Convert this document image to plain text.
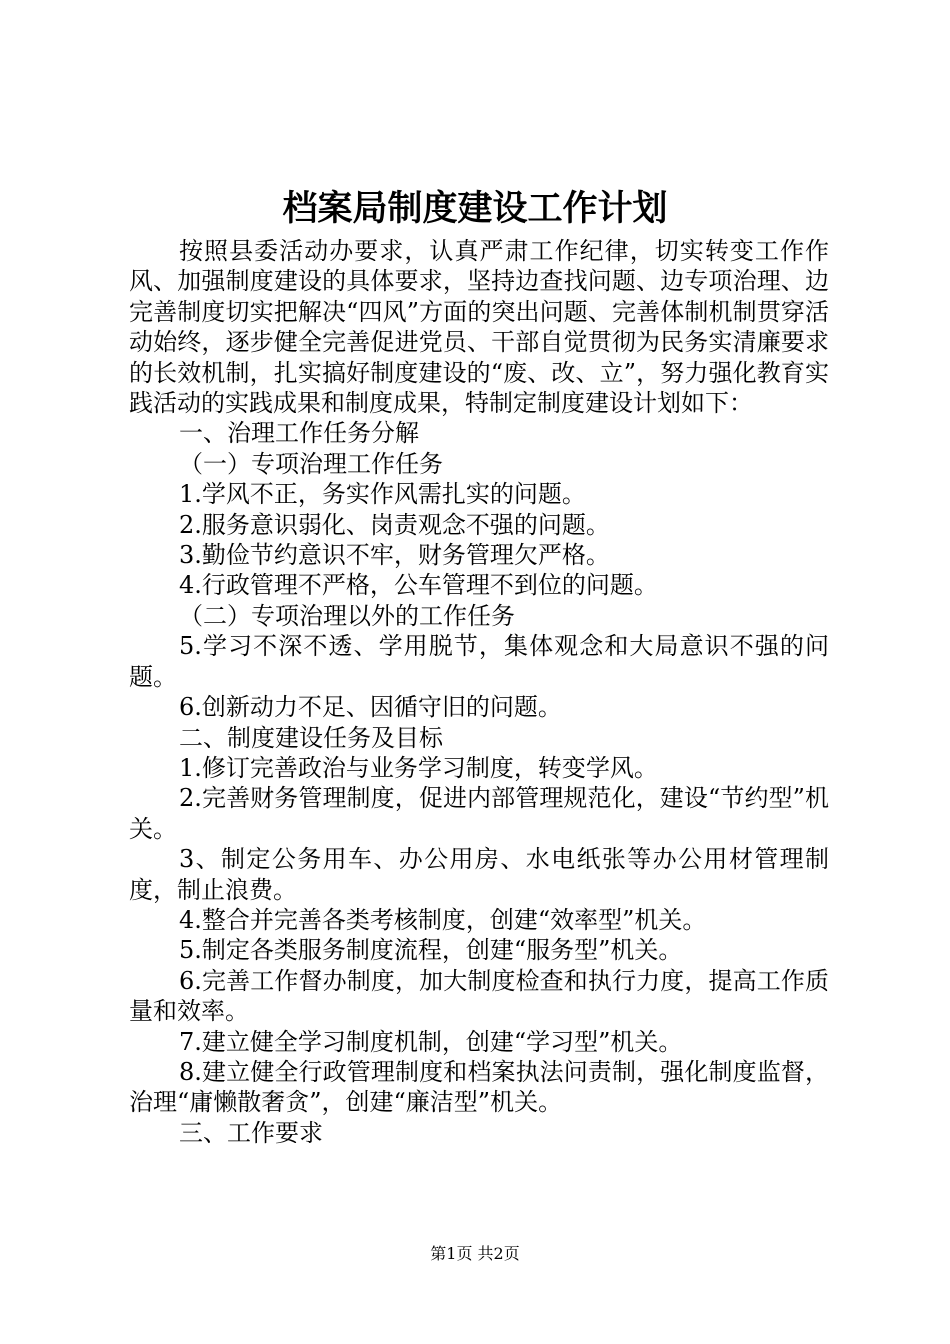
档案局制度建设工作计划

按照县委活动办要求，认真严肃工作纪律，切实转变工作作风、加强制度建设的具体要求，坚持边查找问题、边专项治理、边完善制度切实把解决“四风”方面的突出问题、完善体制机制贯穿活动始终，逐步健全完善促进党员、干部自觉贯彻为民务实清廉要求的长效机制，扎实搞好制度建设的“废、改、立”，努力强化教育实践活动的实践成果和制度成果，特制定制度建设计划如下：

一、治理工作任务分解

（一）专项治理工作任务

1.学风不正，务实作风需扎实的问题。

2.服务意识弱化、岗责观念不强的问题。

3.勤俭节约意识不牢，财务管理欠严格。

4.行政管理不严格，公车管理不到位的问题。

（二）专项治理以外的工作任务

5.学习不深不透、学用脱节，集体观念和大局意识不强的问题。

6.创新动力不足、因循守旧的问题。

二、制度建设任务及目标

1.修订完善政治与业务学习制度，转变学风。

2.完善财务管理制度，促进内部管理规范化，建设“节约型”机关。

3、制定公务用车、办公用房、水电纸张等办公用材管理制度，制止浪费。

4.整合并完善各类考核制度，创建“效率型”机关。

5.制定各类服务制度流程，创建“服务型”机关。

6.完善工作督办制度，加大制度检查和执行力度，提高工作质量和效率。

7.建立健全学习制度机制，创建“学习型”机关。

8.建立健全行政管理制度和档案执法问责制，强化制度监督，治理“庸懒散奢贪”，创建“廉洁型”机关。

三、工作要求

第1页 共2页
